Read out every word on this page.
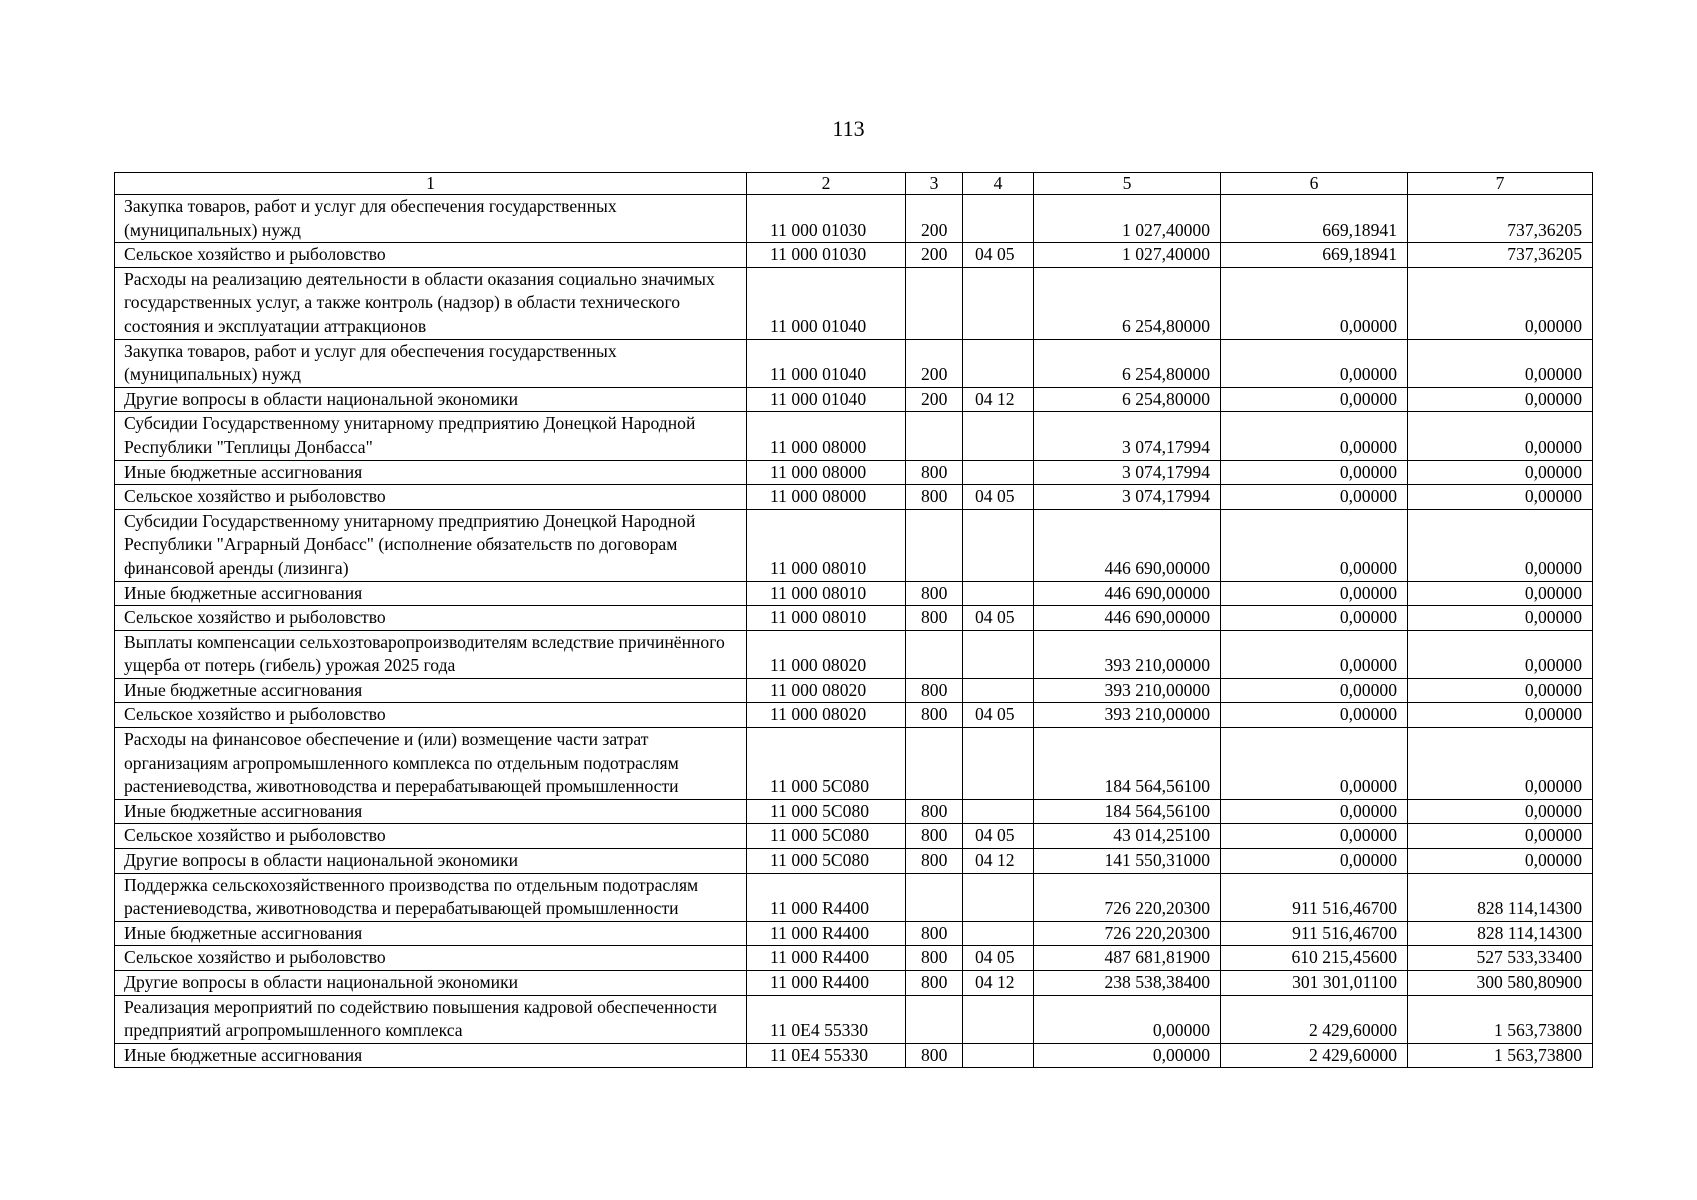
113
1	2	3	4	5	6	7
Закупка товаров, работ и услуг для обеспечения государственных (муниципальных) нужд	11 000 01030	200		1 027,40000	669,18941	737,36205
Сельское хозяйство и рыболовство	11 000 01030	200	04 05	1 027,40000	669,18941	737,36205
Расходы на реализацию деятельности в области оказания социально значимых государственных услуг, а также контроль (надзор) в области технического состояния и эксплуатации аттракционов	11 000 01040			6 254,80000	0,00000	0,00000
Закупка товаров, работ и услуг для обеспечения государственных (муниципальных) нужд	11 000 01040	200		6 254,80000	0,00000	0,00000
Другие вопросы в области национальной экономики	11 000 01040	200	04 12	6 254,80000	0,00000	0,00000
Субсидии Государственному унитарному предприятию Донецкой Народной Республики "Теплицы Донбасса"	11 000 08000			3 074,17994	0,00000	0,00000
Иные бюджетные ассигнования	11 000 08000	800		3 074,17994	0,00000	0,00000
Сельское хозяйство и рыболовство	11 000 08000	800	04 05	3 074,17994	0,00000	0,00000
Субсидии Государственному унитарному предприятию Донецкой Народной Республики "Аграрный Донбасс" (исполнение обязательств по договорам финансовой аренды (лизинга)	11 000 08010			446 690,00000	0,00000	0,00000
Иные бюджетные ассигнования	11 000 08010	800		446 690,00000	0,00000	0,00000
Сельское хозяйство и рыболовство	11 000 08010	800	04 05	446 690,00000	0,00000	0,00000
Выплаты компенсации сельхозтоваропроизводителям вследствие причинённого ущерба от потерь (гибель) урожая 2025 года	11 000 08020			393 210,00000	0,00000	0,00000
Иные бюджетные ассигнования	11 000 08020	800		393 210,00000	0,00000	0,00000
Сельское хозяйство и рыболовство	11 000 08020	800	04 05	393 210,00000	0,00000	0,00000
Расходы на финансовое обеспечение и (или) возмещение части затрат организациям агропромышленного комплекса по отдельным подотраслям растениеводства, животноводства и перерабатывающей промышленности	11 000 5С080			184 564,56100	0,00000	0,00000
Иные бюджетные ассигнования	11 000 5С080	800		184 564,56100	0,00000	0,00000
Сельское хозяйство и рыболовство	11 000 5С080	800	04 05	43 014,25100	0,00000	0,00000
Другие вопросы в области национальной экономики	11 000 5С080	800	04 12	141 550,31000	0,00000	0,00000
Поддержка сельскохозяйственного производства по отдельным подотраслям растениеводства, животноводства и перерабатывающей промышленности	11 000 R4400			726 220,20300	911 516,46700	828 114,14300
Иные бюджетные ассигнования	11 000 R4400	800		726 220,20300	911 516,46700	828 114,14300
Сельское хозяйство и рыболовство	11 000 R4400	800	04 05	487 681,81900	610 215,45600	527 533,33400
Другие вопросы в области национальной экономики	11 000 R4400	800	04 12	238 538,38400	301 301,01100	300 580,80900
Реализация мероприятий по содействию повышения кадровой обеспеченности предприятий агропромышленного комплекса	11 0Е4 55330			0,00000	2 429,60000	1 563,73800
Иные бюджетные ассигнования	11 0Е4 55330	800		0,00000	2 429,60000	1 563,73800
